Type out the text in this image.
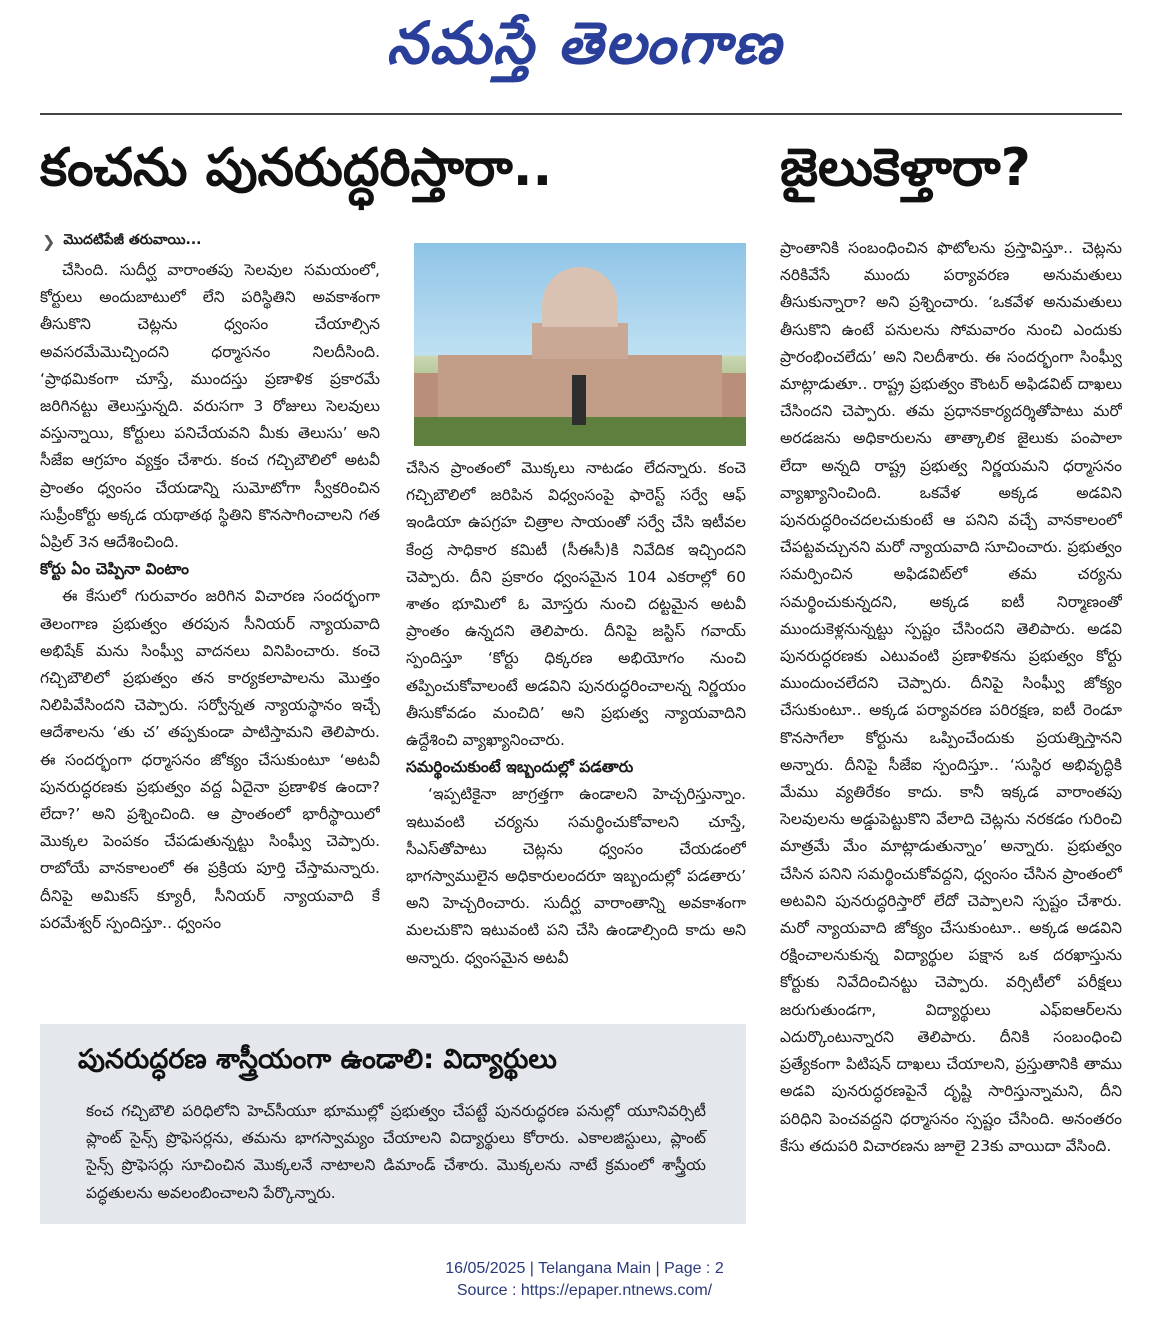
నమస్తే తెలంగాణ
కంచను పునరుద్ధరిస్తారా..	జైలుకెళ్తారా?
❯ మొదటిపేజీ తరువాయి...

చేసింది. సుదీర్ఘ వారాంతపు సెలవుల సమయంలో, కోర్టులు అందుబాటులో లేని పరిస్థితిని అవకాశంగా తీసుకొని చెట్లను ధ్వంసం చేయాల్సిన అవసరమేమొచ్చిందని ధర్మాసనం నిలదీసింది. ‘ప్రాథమికంగా చూస్తే, ముందస్తు ప్రణాళిక ప్రకారమే జరిగినట్టు తెలుస్తున్నది. వరుసగా 3 రోజులు సెలవులు వస్తున్నాయి, కోర్టులు పనిచేయవని మీకు తెలుసు’ అని సీజేఐ ఆగ్రహం వ్యక్తం చేశారు. కంచ గచ్చిబౌలిలో అటవీ ప్రాంతం ధ్వంసం చేయడాన్ని సుమోటోగా స్వీకరించిన సుప్రీంకోర్టు అక్కడ యథాతథ స్థితిని కొనసాగించాలని గత ఏప్రిల్ 3న ఆదేశించింది.

కోర్టు ఏం చెప్పినా వింటాం

ఈ కేసులో గురువారం జరిగిన విచారణ సందర్భంగా తెలంగాణ ప్రభుత్వం తరపున సీనియర్ న్యాయవాది అభిషేక్ మను సింఘ్వీ వాదనలు వినిపించారు. కంచె గచ్చిబౌలిలో ప్రభుత్వం తన కార్యకలాపాలను మొత్తం నిలిపివేసిందని చెప్పారు. సర్వోన్నత న్యాయస్థానం ఇచ్చే ఆదేశాలను ‘తు చ’ తప్పకుండా పాటిస్తామని తెలిపారు. ఈ సందర్భంగా ధర్మాసనం జోక్యం చేసుకుంటూ ‘అటవీ పునరుద్ధరణకు ప్రభుత్వం వద్ద ఏదైనా ప్రణాళిక ఉందా? లేదా?’ అని ప్రశ్నించింది. ఆ ప్రాంతంలో భారీస్థాయిలో మొక్కల పెంపకం చేపడుతున్నట్టు సింఘ్వీ చెప్పారు. రాబోయే వానకాలంలో ఈ ప్రక్రియ పూర్తి చేస్తామన్నారు. దీనిపై అమికస్ క్యూరీ, సీనియర్ న్యాయవాది కే పరమేశ్వర్ స్పందిస్తూ.. ధ్వంసం

చేసిన ప్రాంతంలో మొక్కలు నాటడం లేదన్నారు. కంచె గచ్చిబౌలిలో జరిపిన విధ్వంసంపై ఫారెస్ట్ సర్వే ఆఫ్ ఇండియా ఉపగ్రహ చిత్రాల సాయంతో సర్వే చేసి ఇటీవల కేంద్ర సాధికార కమిటీ (సీఈసీ)కి నివేదిక ఇచ్చిందని చెప్పారు. దీని ప్రకారం ధ్వంసమైన 104 ఎకరాల్లో 60 శాతం భూమిలో ఓ మోస్తరు నుంచి దట్టమైన అటవీ ప్రాంతం ఉన్నదని తెలిపారు. దీనిపై జస్టిస్ గవాయ్ స్పందిస్తూ ‘కోర్టు ధిక్కరణ అభియోగం నుంచి తప్పించుకోవాలంటే అడవిని పునరుద్ధరించాలన్న నిర్ణయం తీసుకోవడం మంచిది’ అని ప్రభుత్వ న్యాయవాదిని ఉద్దేశించి వ్యాఖ్యానించారు.

సమర్థించుకుంటే ఇబ్బందుల్లో పడతారు

‘ఇప్పటికైనా జాగ్రత్తగా ఉండాలని హెచ్చరిస్తున్నాం. ఇటువంటి చర్యను సమర్థించుకోవాలని చూస్తే, సీఎస్‌తోపాటు చెట్లను ధ్వంసం చేయడంలో భాగస్వాములైన అధికారులందరూ ఇబ్బందుల్లో పడతారు’ అని హెచ్చరించారు. సుదీర్ఘ వారాంతాన్ని అవకాశంగా మలచుకొని ఇటువంటి పని చేసి ఉండాల్సింది కాదు అని అన్నారు. ధ్వంసమైన అటవీ

ప్రాంతానికి సంబంధించిన ఫొటోలను ప్రస్తావిస్తూ.. చెట్లను నరికివేసే ముందు పర్యావరణ అనుమతులు తీసుకున్నారా? అని ప్రశ్నించారు. ‘ఒకవేళ అనుమతులు తీసుకొని ఉంటే పనులను సోమవారం నుంచి ఎందుకు ప్రారంభించలేదు’ అని నిలదీశారు. ఈ సందర్భంగా సింఘ్వీ మాట్లాడుతూ.. రాష్ట్ర ప్రభుత్వం కౌంటర్ అఫిడవిట్ దాఖలు చేసిందని చెప్పారు. తమ ప్రధానకార్యదర్శితోపాటు మరో అరడజను అధికారులను తాత్కాలిక జైలుకు పంపాలా లేదా అన్నది రాష్ట్ర ప్రభుత్వ నిర్ణయమని ధర్మాసనం వ్యాఖ్యానించింది. ఒకవేళ అక్కడ అడవిని పునరుద్ధరించదలచుకుంటే ఆ పనిని వచ్చే వానకాలంలో చేపట్టవచ్చునని మరో న్యాయవాది సూచించారు. ప్రభుత్వం సమర్పించిన అఫిడవిట్‌లో తమ చర్యను సమర్థించుకున్నదని, అక్కడ ఐటీ నిర్మాణంతో ముందుకెళ్లనున్నట్టు స్పష్టం చేసిందని తెలిపారు. అడవి పునరుద్ధరణకు ఎటువంటి ప్రణాళికను ప్రభుత్వం కోర్టు ముందుంచలేదని చెప్పారు. దీనిపై సింఘ్వీ జోక్యం చేసుకుంటూ.. అక్కడ పర్యావరణ పరిరక్షణ, ఐటీ రెండూ కొనసాగేలా కోర్టును ఒప్పించేందుకు ప్రయత్నిస్తానని అన్నారు. దీనిపై సీజేఐ స్పందిస్తూ.. ‘సుస్థిర అభివృద్ధికి మేము వ్యతిరేకం కాదు. కానీ ఇక్కడ వారాంతపు సెలవులను అడ్డుపెట్టుకొని వేలాది చెట్లను నరకడం గురించి మాత్రమే మేం మాట్లాడుతున్నాం’ అన్నారు. ప్రభుత్వం చేసిన పనిని సమర్థించుకోవద్దని, ధ్వంసం చేసిన ప్రాంతంలో అటవిని పునరుద్ధరిస్తారో లేదో చెప్పాలని స్పష్టం చేశారు. మరో న్యాయవాది జోక్యం చేసుకుంటూ.. అక్కడ అడవిని రక్షించాలనుకున్న విద్యార్థుల పక్షాన ఒక దరఖాస్తును కోర్టుకు నివేదించినట్టు చెప్పారు. వర్సిటీలో పరీక్షలు జరుగుతుండగా, విద్యార్థులు ఎఫ్‌ఐఆర్‌లను ఎదుర్కొంటున్నారని తెలిపారు. దీనికి సంబంధించి ప్రత్యేకంగా పిటిషన్ దాఖలు చేయాలని, ప్రస్తుతానికి తాము అడవి పునరుద్ధరణపైనే దృష్టి సారిస్తున్నామని, దీని పరిధిని పెంచవద్దని ధర్మాసనం స్పష్టం చేసింది. అనంతరం కేసు తదుపరి విచారణను జూలై 23కు వాయిదా వేసింది.

పునరుద్ధరణ శాస్త్రీయంగా ఉండాలి: విద్యార్థులు
కంచ గచ్చిబౌలి పరిధిలోని హెచ్‌సీయూ భూముల్లో ప్రభుత్వం చేపట్టే పునరుద్ధరణ పనుల్లో యూనివర్సిటీ ప్లాంట్ సైన్స్ ప్రొఫెసర్లను, తమను భాగస్వామ్యం చేయాలని విద్యార్థులు కోరారు. ఎకాలజిస్టులు, ప్లాంట్ సైన్స్ ప్రొఫెసర్లు సూచించిన మొక్కలనే నాటాలని డిమాండ్ చేశారు. మొక్కలను నాటే క్రమంలో శాస్త్రీయ పద్ధతులను అవలంబించాలని పేర్కొన్నారు.
16/05/2025 | Telangana Main | Page : 2
Source : https://epaper.ntnews.com/
